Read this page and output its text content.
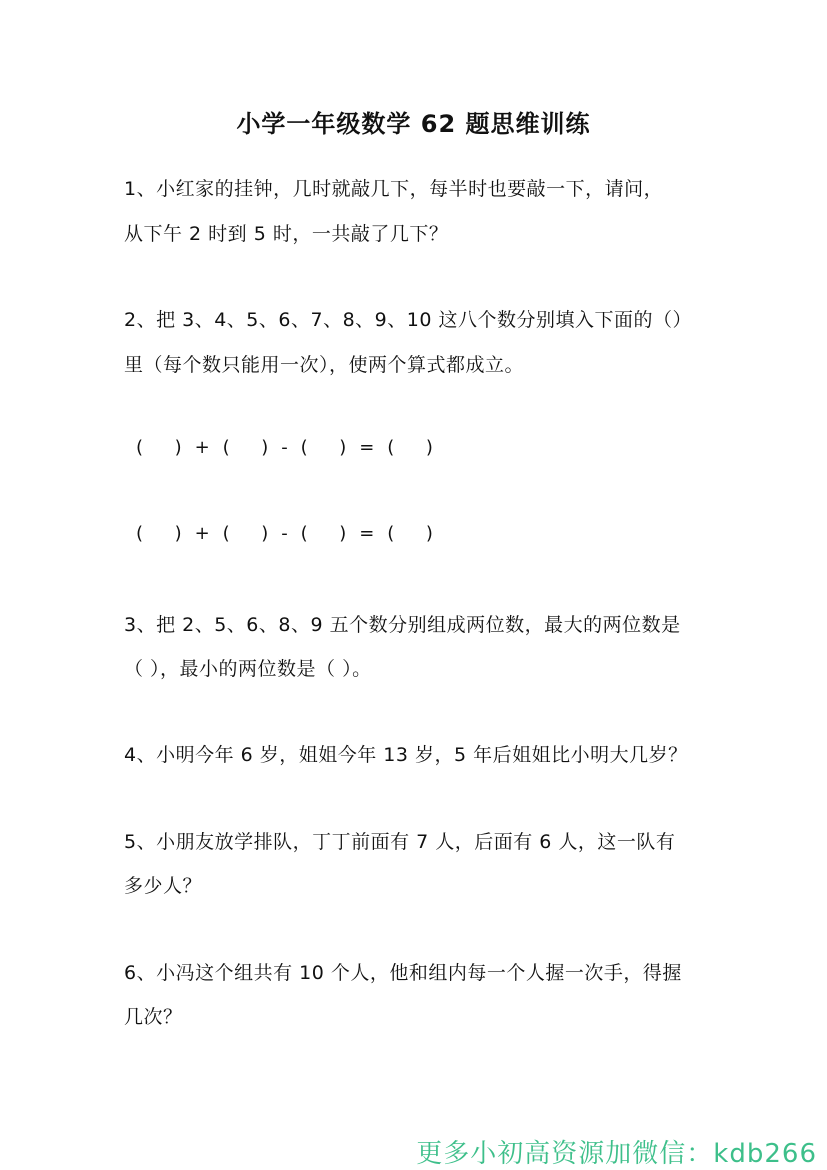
小学一年级数学 62 题思维训练
1、小红家的挂钟，几时就敲几下，每半时也要敲一下，请问，
从下午 2 时到 5 时，一共敲了几下？
2、把 3、4、5、6、7、8、9、10 这八个数分别填入下面的（）
里（每个数只能用一次），使两个算式都成立。
(     )  +  (     )  -  (     )  =  (     )
(     )  +  (     )  -  (     )  =  (     )
3、把 2、5、6、8、9 五个数分别组成两位数，最大的两位数是
（ ），最小的两位数是（ ）。
4、小明今年 6 岁，姐姐今年 13 岁，5 年后姐姐比小明大几岁？
5、小朋友放学排队，丁丁前面有 7 人，后面有 6 人，这一队有
多少人？
6、小冯这个组共有 10 个人，他和组内每一个人握一次手，得握
几次？
更多小初高资源加微信：kdb266
